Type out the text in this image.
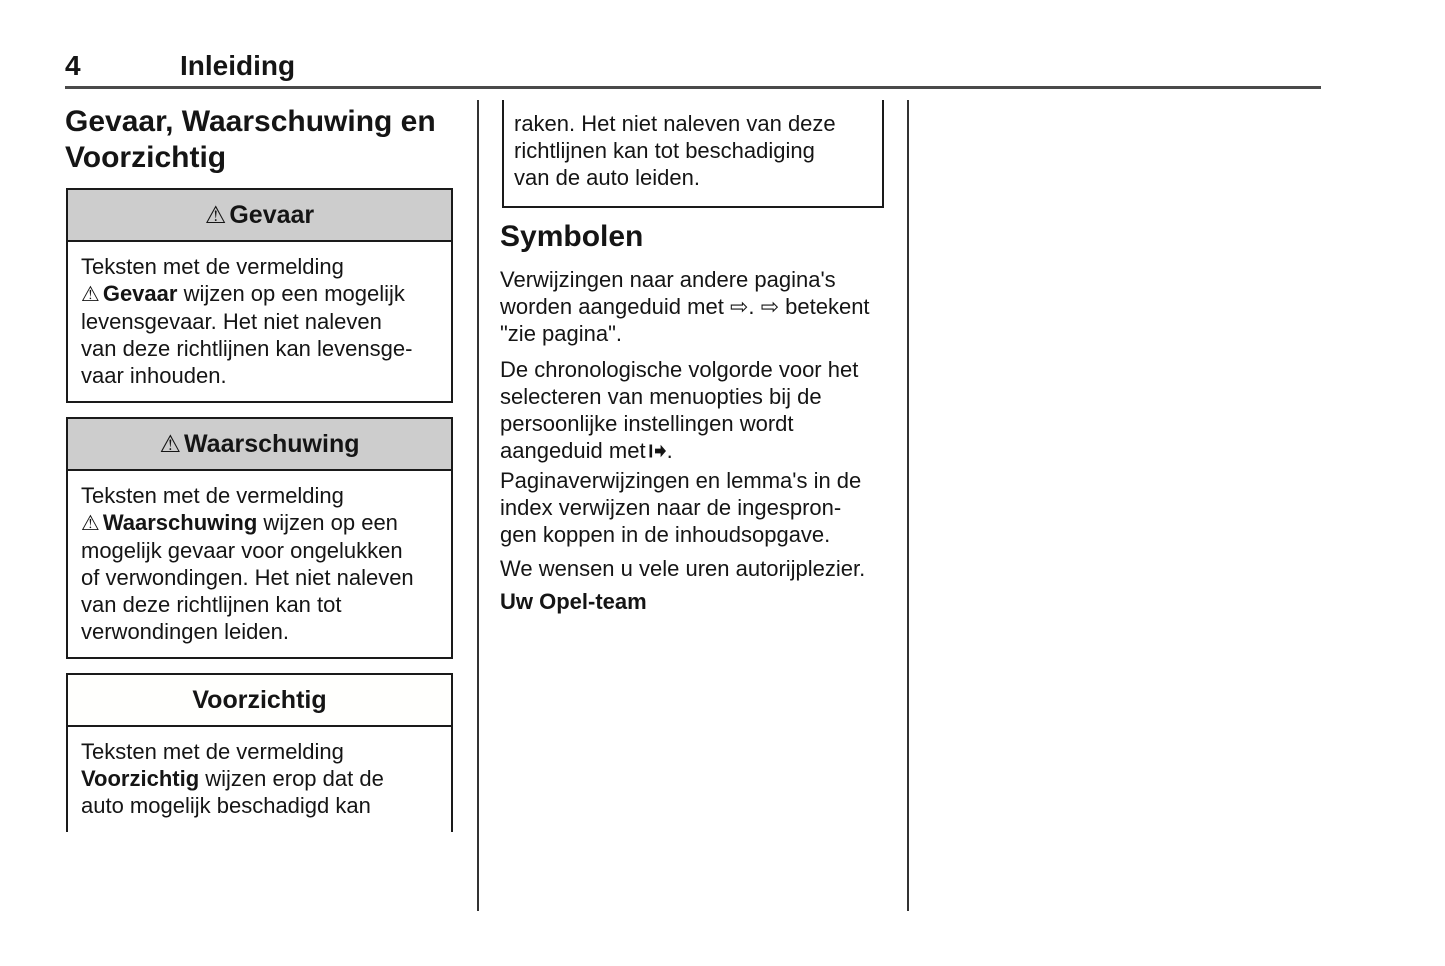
4	Inleiding
Gevaar, Waarschuwing en
Voorzichtig
⚠ Gevaar
Teksten met de vermelding
⚠ Gevaar wijzen op een mogelijk
levensgevaar. Het niet naleven
van deze richtlijnen kan levensge-
vaar inhouden.
⚠ Waarschuwing
Teksten met de vermelding
⚠ Waarschuwing wijzen op een
mogelijk gevaar voor ongelukken
of verwondingen. Het niet naleven
van deze richtlijnen kan tot
verwondingen leiden.
Voorzichtig
Teksten met de vermelding
Voorzichtig wijzen erop dat de
auto mogelijk beschadigd kan
raken. Het niet naleven van deze
richtlijnen kan tot beschadiging
van de auto leiden.
Symbolen
Verwijzingen naar andere pagina's
worden aangeduid met ⇨. ⇨ betekent
"zie pagina".
De chronologische volgorde voor het
selecteren van menuopties bij de
persoonlijke instellingen wordt
aangeduid met .
Paginaverwijzingen en lemma's in de
index verwijzen naar de ingespron-
gen koppen in de inhoudsopgave.
We wensen u vele uren autorijplezier.
Uw Opel-team
